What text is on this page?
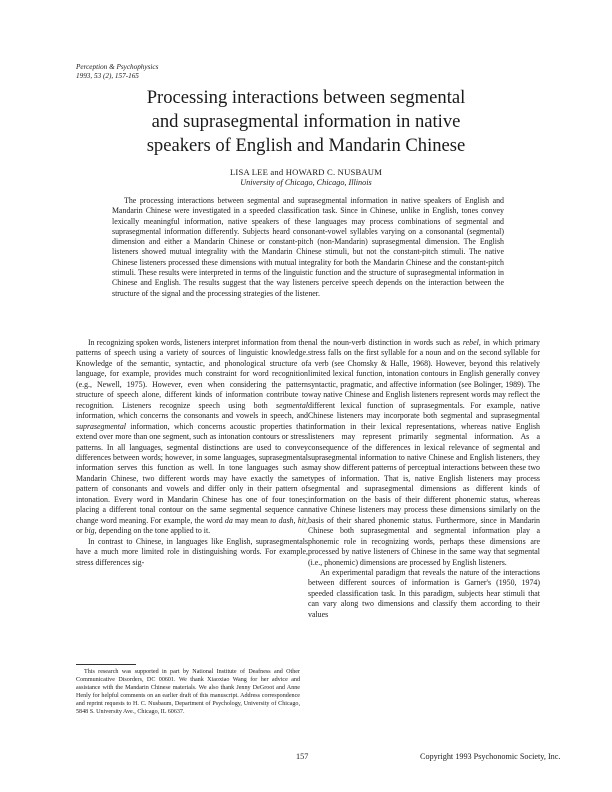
Perception & Psychophysics
1993, 53 (2), 157-165
Processing interactions between segmental
and suprasegmental information in native
speakers of English and Mandarin Chinese
LISA LEE and HOWARD C. NUSBAUM
University of Chicago, Chicago, Illinois

The processing interactions between segmental and suprasegmental information in native speakers of English and Mandarin Chinese were investigated in a speeded classification task. Since in Chinese, unlike in English, tones convey lexically meaningful information, native speakers of these languages may process combinations of segmental and suprasegmental information differently. Subjects heard consonant-vowel syllables varying on a consonantal (segmental) dimension and either a Mandarin Chinese or constant-pitch (non-Mandarin) suprasegmental dimension. The English listeners showed mutual integrality with the Mandarin Chinese stimuli, but not the constant-pitch stimuli. The native Chinese listeners processed these dimensions with mutual integrality for both the Mandarin Chinese and the constant-pitch stimuli. These results were interpreted in terms of the linguistic function and the structure of suprasegmental information in Chinese and English. The results suggest that the way listeners perceive speech depends on the interaction between the structure of the signal and the processing strategies of the listener.

In recognizing spoken words, listeners interpret information from the patterns of speech using a variety of sources of linguistic knowledge. Knowledge of the semantic, syntactic, and phonological structure of language, for example, provides much constraint for word recognition (e.g., Newell, 1975). However, even when considering the pattern structure of speech alone, different kinds of information contribute to recognition. Listeners recognize speech using both segmental information, which concerns the consonants and vowels in speech, and suprasegmental information, which concerns acoustic properties that extend over more than one segment, such as intonation contours or stress patterns. In all languages, segmental distinctions are used to convey differences between words; however, in some languages, suprasegmental information serves this function as well. In tone languages such as Mandarin Chinese, two different words may have exactly the same pattern of consonants and vowels and differ only in their pattern of intonation. Every word in Mandarin Chinese has one of four tones; placing a different tonal contour on the same segmental sequence can change word meaning. For example, the word da may mean to dash, hit, or big, depending on the tone applied to it.

In contrast to Chinese, in languages like English, suprasegmentals have a much more limited role in distinguishing words. For example, stress differences sig-

This research was supported in part by National Institute of Deafness and Other Communicative Disorders, DC 00601. We thank Xiaoxiao Wang for her advice and assistance with the Mandarin Chinese materials. We also thank Jenny DeGroot and Anne Henly for helpful comments on an earlier draft of this manuscript. Address correspondence and reprint requests to H. C. Nusbaum, Department of Psychology, University of Chicago, 5848 S. University Ave., Chicago, IL 60637.

nal the noun-verb distinction in words such as rebel, in which primary stress falls on the first syllable for a noun and on the second syllable for a verb (see Chomsky & Halle, 1968). However, beyond this relatively limited lexical function, intonation contours in English generally convey syntactic, pragmatic, and affective information (see Bolinger, 1989). The way native Chinese and English listeners represent words may reflect the different lexical function of suprasegmentals. For example, native Chinese listeners may incorporate both segmental and suprasegmental information in their lexical representations, whereas native English listeners may represent primarily segmental information. As a consequence of the differences in lexical relevance of segmental and suprasegmental information to native Chinese and English listeners, they may show different patterns of perceptual interactions between these two types of information. That is, native English listeners may process segmental and suprasegmental dimensions as different kinds of information on the basis of their different phonemic status, whereas native Chinese listeners may process these dimensions similarly on the basis of their shared phonemic status. Furthermore, since in Mandarin Chinese both suprasegmental and segmental information play a phonemic role in recognizing words, perhaps these dimensions are processed by native listeners of Chinese in the same way that segmental (i.e., phonemic) dimensions are processed by English listeners.

An experimental paradigm that reveals the nature of the interactions between different sources of information is Garner's (1950, 1974) speeded classification task. In this paradigm, subjects hear stimuli that can vary along two dimensions and classify them according to their values

157	Copyright 1993 Psychonomic Society, Inc.
